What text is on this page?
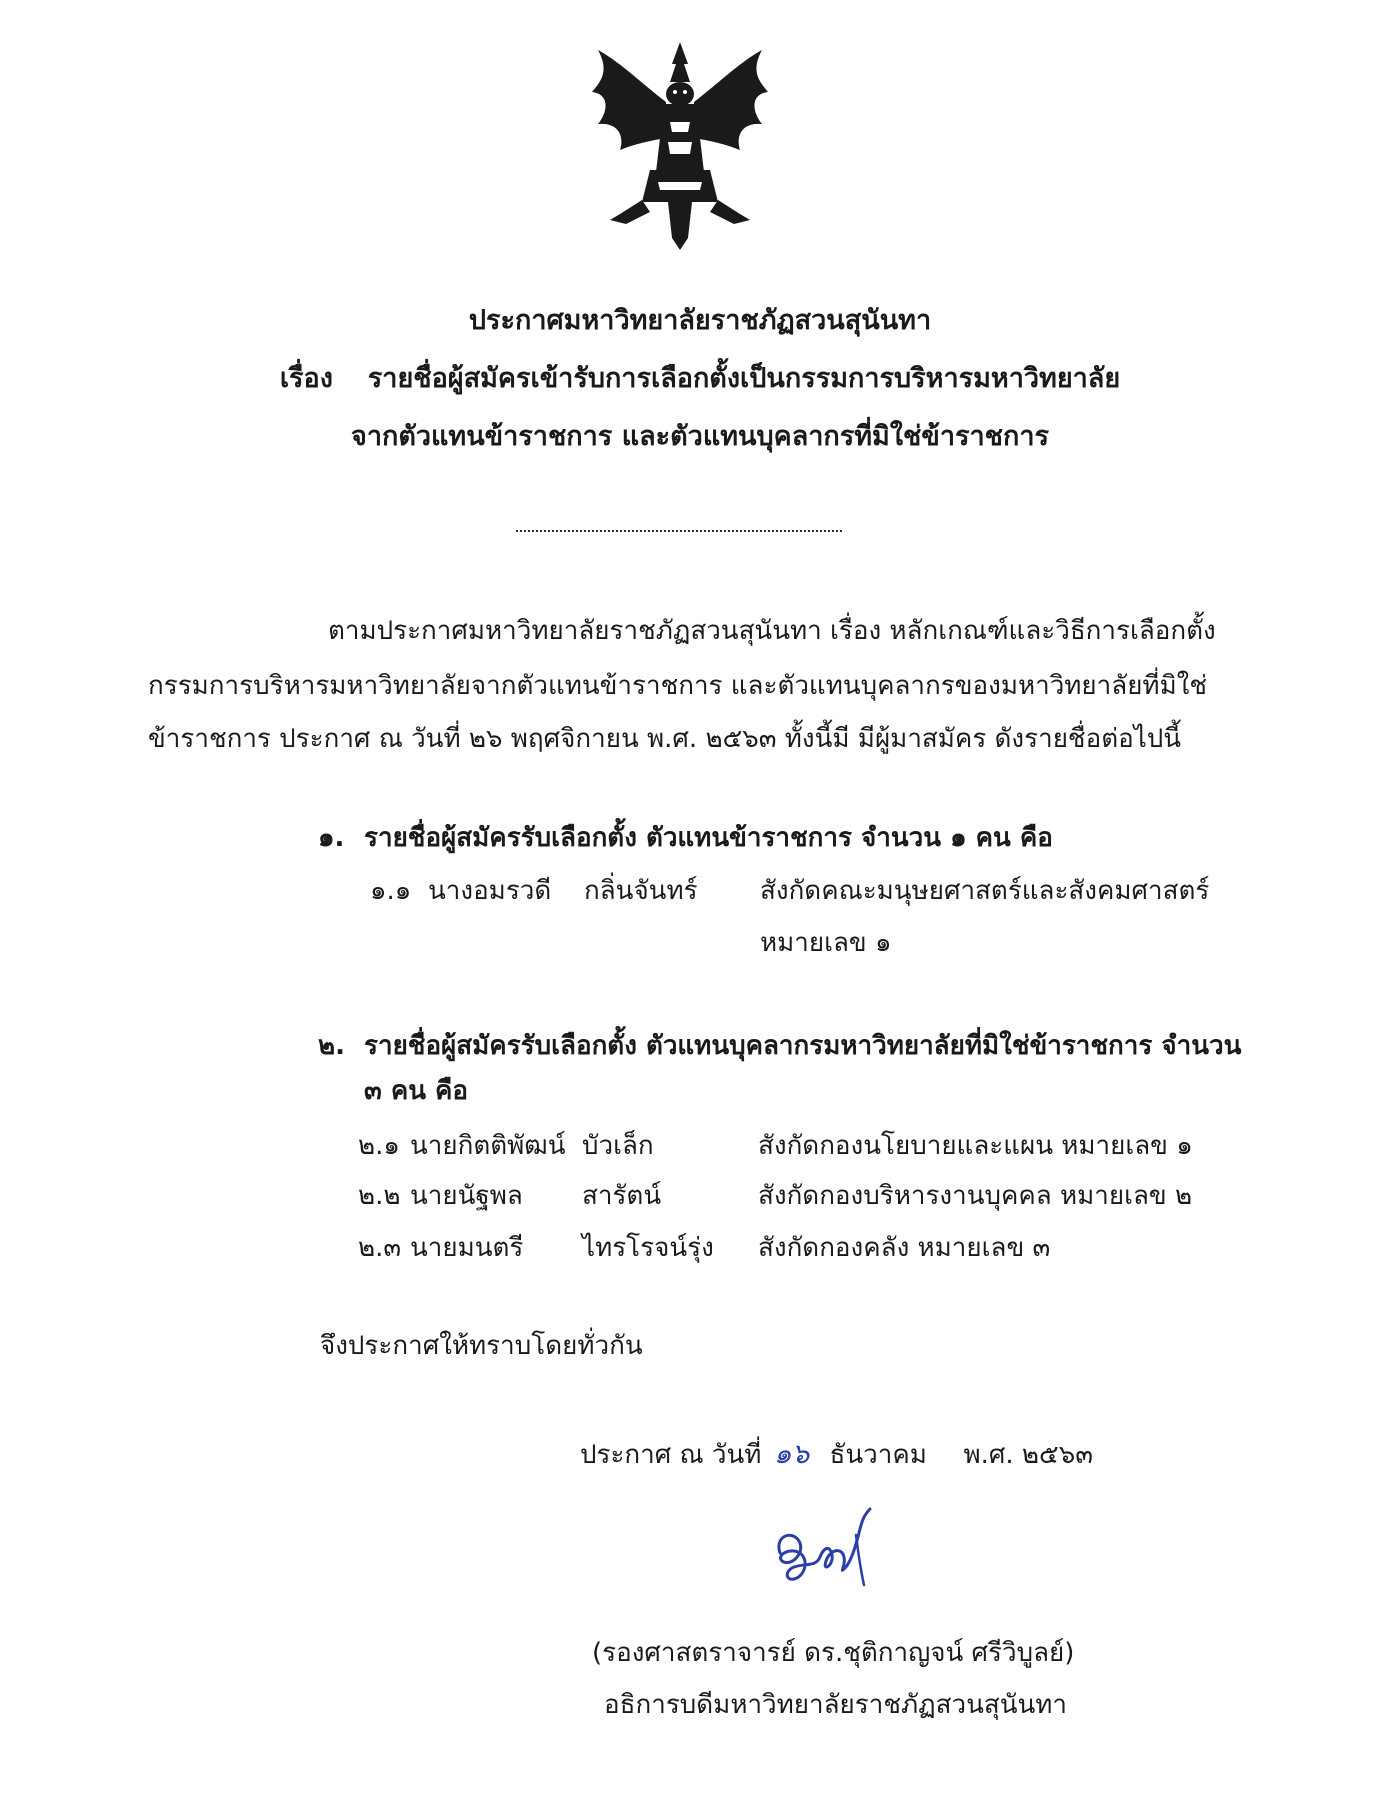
ประกาศมหาวิทยาลัยราชภัฏสวนสุนันทา
เรื่อง รายชื่อผู้สมัครเข้ารับการเลือกตั้งเป็นกรรมการบริหารมหาวิทยาลัย
จากตัวแทนข้าราชการ และตัวแทนบุคลากรที่มิใช่ข้าราชการ
ตามประกาศมหาวิทยาลัยราชภัฏสวนสุนันทา เรื่อง หลักเกณฑ์และวิธีการเลือกตั้ง
กรรมการบริหารมหาวิทยาลัยจากตัวแทนข้าราชการ และตัวแทนบุคลากรของมหาวิทยาลัยที่มิใช่
ข้าราชการ ประกาศ ณ วันที่ ๒๖ พฤศจิกายน พ.ศ. ๒๕๖๓ ทั้งนี้มี มีผู้มาสมัคร ดังรายชื่อต่อไปนี้
๑. รายชื่อผู้สมัครรับเลือกตั้ง ตัวแทนข้าราชการ จำนวน ๑ คน คือ
๑.๑ นางอมรวดี กลิ่นจันทร์ สังกัดคณะมนุษยศาสตร์และสังคมศาสตร์
หมายเลข ๑
๒. รายชื่อผู้สมัครรับเลือกตั้ง ตัวแทนบุคลากรมหาวิทยาลัยที่มิใช่ข้าราชการ จำนวน
๓ คน คือ
๒.๑ นายกิตติพัฒน์ บัวเล็ก	สังกัดกองนโยบายและแผน หมายเลข ๑
๒.๒ นายนัฐพล สารัตน์	สังกัดกองบริหารงานบุคคล หมายเลข ๒
๒.๓ นายมนตรี ไทรโรจน์รุ่ง สังกัดกองคลัง หมายเลข ๓
จึงประกาศให้ทราบโดยทั่วกัน
ประกาศ ณ วันที่ ๑๖ ธันวาคม พ.ศ. ๒๕๖๓
(รองศาสตราจารย์ ดร.ชุติกาญจน์ ศรีวิบูลย์)
อธิการบดีมหาวิทยาลัยราชภัฏสวนสุนันทา
